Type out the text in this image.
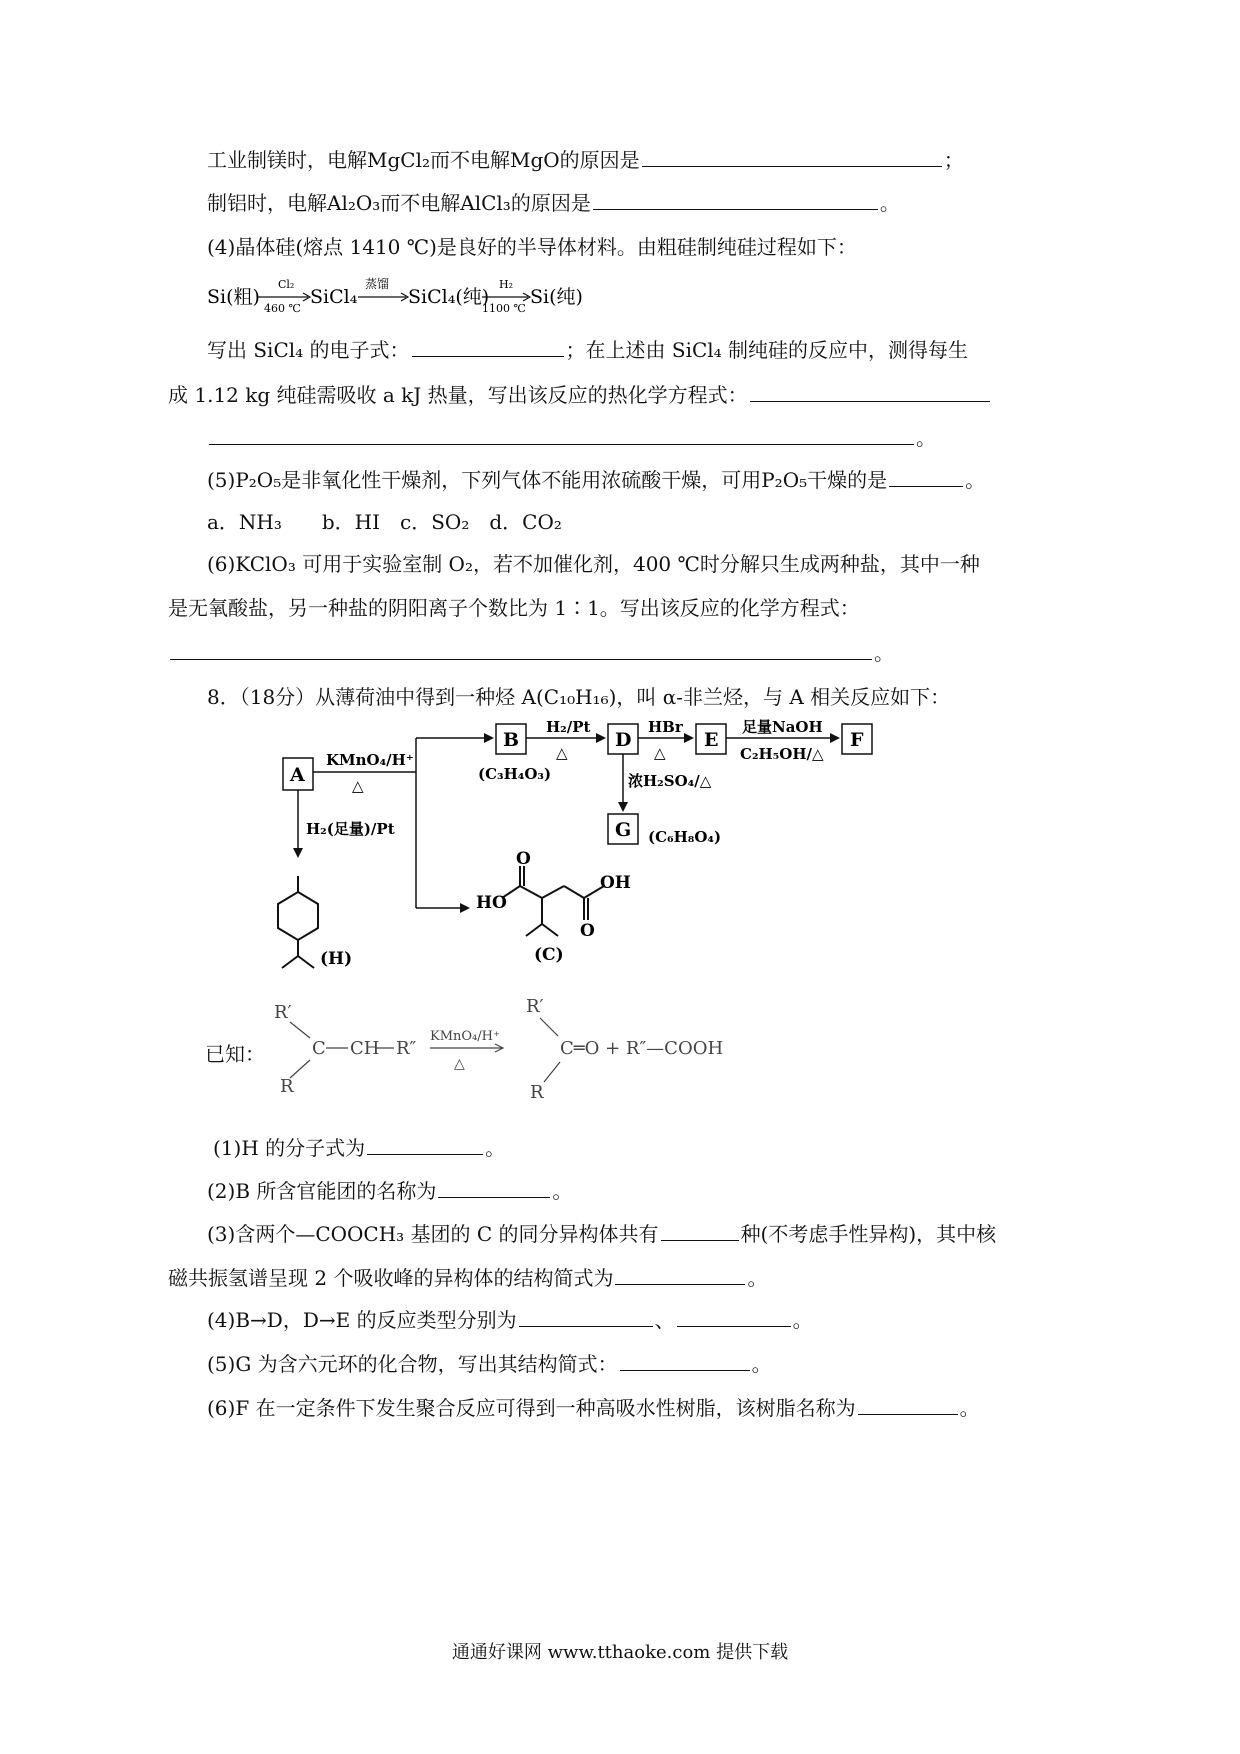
工业制镁时，电解MgCl₂而不电解MgO的原因是	；
制铝时，电解Al₂O₃而不电解AlCl₃的原因是	。
(4)晶体硅(熔点 1410 ℃)是良好的半导体材料。由粗硅制纯硅过程如下：
Si(粗)
Cl₂
460 ℃
SiCl₄
蒸馏
SiCl₄(纯)
H₂
1100 ℃
Si(纯)
写出 SiCl₄ 的电子式：	；在上述由 SiCl₄ 制纯硅的反应中，测得每生
成 1.12 kg 纯硅需吸收 a kJ 热量，写出该反应的热化学方程式：
。
(5)P₂O₅是非氧化性干燥剂，下列气体不能用浓硫酸干燥，可用P₂O₅干燥的是	。
a．NH₃　　b．HI　c．SO₂　d．CO₂
(6)KClO₃ 可用于实验室制 O₂，若不加催化剂，400 ℃时分解只生成两种盐，其中一种
是无氧酸盐，另一种盐的阴阳离子个数比为 1∶1。写出该反应的化学方程式：
。
8．（18分）从薄荷油中得到一种烃 A(C₁₀H₁₆)，叫 α-非兰烃，与 A 相关反应如下：
A
KMnO₄/H⁺
△
B
(C₃H₄O₃)
H₂/Pt
△
D
HBr
△
E
足量NaOH
C₂H₅OH/△
F
浓H₂SO₄/△
G (C₆H₈O₄)
H₂(足量)/Pt
(H)
HO
O
OH
O
(C)
已知：
R′
R
C CH R″
KMnO₄/H⁺
△
R′
C═O + R″—COOH
R
(1)H 的分子式为	。
(2)B 所含官能团的名称为	。
(3)含两个—COOCH₃ 基团的 C 的同分异构体共有	种(不考虑手性异构)，其中核
磁共振氢谱呈现 2 个吸收峰的异构体的结构简式为	。
(4)B→D，D→E 的反应类型分别为	、	。
(5)G 为含六元环的化合物，写出其结构简式：	。
(6)F 在一定条件下发生聚合反应可得到一种高吸水性树脂，该树脂名称为	。
通通好课网 www.tthaoke.com 提供下载
